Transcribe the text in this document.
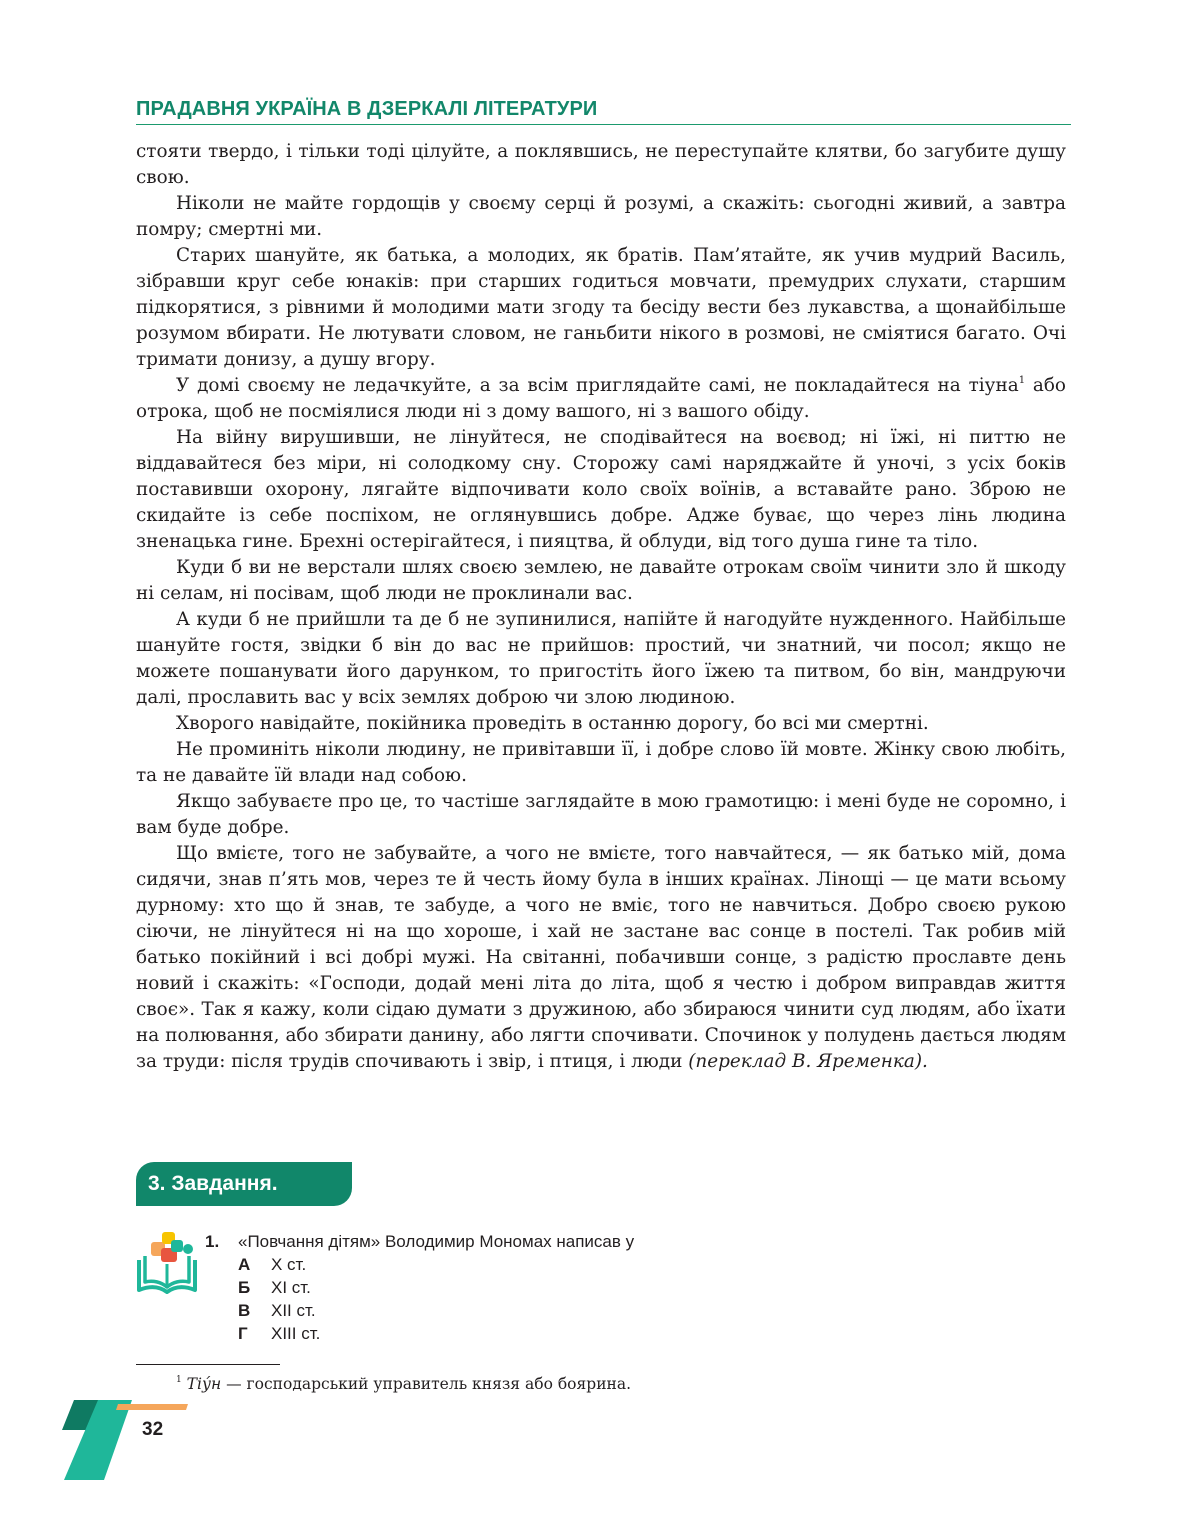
ПРАДАВНЯ УКРАЇНА В ДЗЕРКАЛІ ЛІТЕРАТУРИ

стояти твердо, і тільки тоді цілуйте, а поклявшись, не переступайте клятви, бо загубите душу свою.

Ніколи не майте гордощів у своєму серці й розумі, а скажіть: сьогодні живий, а завтра помру; смертні ми.

Старих шануйте, як батька, а молодих, як братів. Пам’ятайте, як учив мудрий Василь, зібравши круг себе юнаків: при старших годиться мовчати, премудрих слухати, старшим підкорятися, з рівними й молодими мати згоду та бесіду вести без лукавства, а щонайбільше розумом вбирати. Не лютувати словом, не ганьбити нікого в розмові, не сміятися багато. Очі тримати донизу, а душу вгору.

У домі своєму не ледачкуйте, а за всім приглядайте самі, не покладайтеся на тіуна$^1$ або отрока, щоб не посміялися люди ні з дому вашого, ні з вашого обіду.

На війну вирушивши, не лінуйтеся, не сподівайтеся на воєвод; ні їжі, ні питтю не віддавайтеся без міри, ні солодкому сну. Сторожу самі наряджайте й уночі, з усіх боків поставивши охорону, лягайте відпочивати коло своїх воїнів, а вставайте рано. Зброю не скидайте із себе поспіхом, не оглянувшись добре. Адже буває, що через лінь людина зненацька гине. Брехні остерігайтеся, і пияцтва, й облуди, від того душа гине та тіло.

Куди б ви не верстали шлях своєю землею, не давайте отрокам своїм чинити зло й шкоду ні селам, ні посівам, щоб люди не проклинали вас.

А куди б не прийшли та де б не зупинилися, напійте й нагодуйте нужденного. Найбільше шануйте гостя, звідки б він до вас не прийшов: простий, чи знатний, чи посол; якщо не можете пошанувати його дарунком, то пригостіть його їжею та питвом, бо він, мандруючи далі, прославить вас у всіх землях доброю чи злою людиною.

Хворого навідайте, покійника проведіть в останню дорогу, бо всі ми смертні.

Не проминіть ніколи людину, не привітавши її, і добре слово їй мовте. Жінку свою любіть, та не давайте їй влади над собою.

Якщо забуваєте про це, то частіше заглядайте в мою грамотицю: і мені буде не соромно, і вам буде добре.

Що вмієте, того не забувайте, а чого не вмієте, того навчайтеся, — як батько мій, дома сидячи, знав п’ять мов, через те й честь йому була в інших країнах. Лінощі — це мати всьому дурному: хто що й знав, те забуде, а чого не вміє, того не навчиться. Добро своєю рукою сіючи, не лінуйтеся ні на що хороше, і хай не застане вас сонце в постелі. Так робив мій батько покійний і всі добрі мужі. На світанні, побачивши сонце, з радістю прославте день новий і скажіть: «Господи, додай мені літа до літа, щоб я честю і добром виправдав життя своє». Так я кажу, коли сідаю думати з дружиною, або збираюся чинити суд людям, або їхати на полювання, або збирати данину, або лягти спочивати. Спочинок у полудень дається людям за труди: після трудів спочивають і звір, і птиця, і люди (переклад В. Яременка).

3. Завдання.
1. «Повчання дітям» Володимир Мономах написав у
А Х ст.
Б ХІ ст.
В ХІІ ст.
Г ХІІІ ст.
$^1$ Тіу́н — господарський управитель князя або боярина.
32
